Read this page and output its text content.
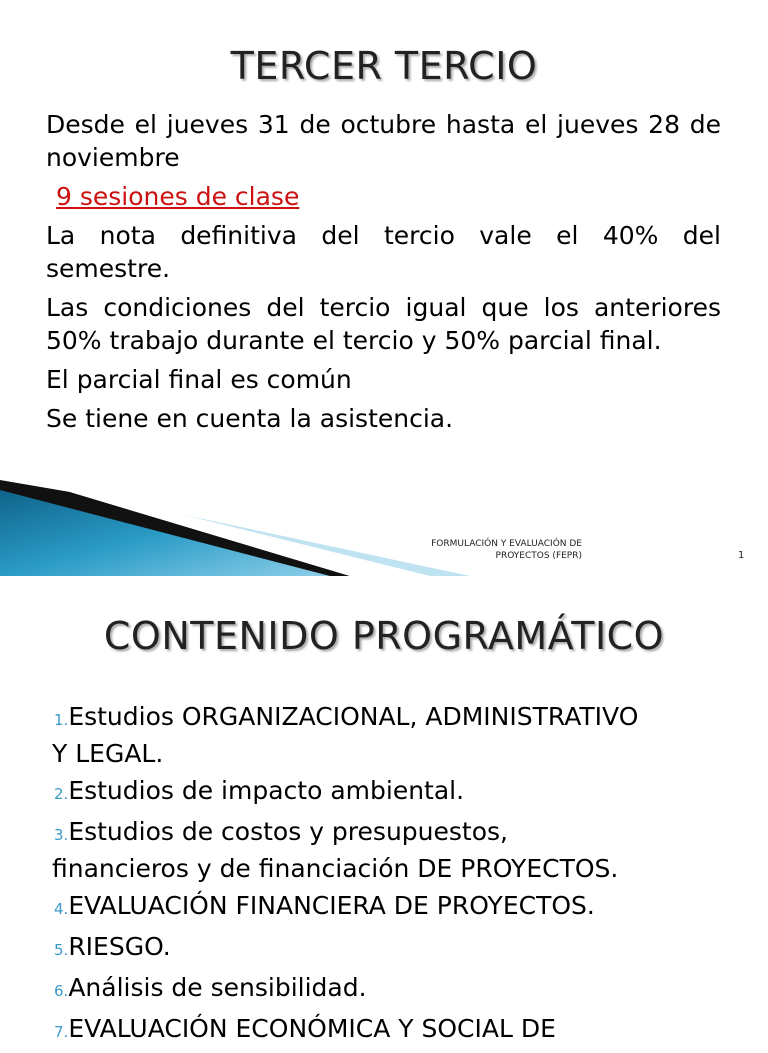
TERCER TERCIO

Desde el jueves 31 de octubre hasta el jueves 28 de noviembre

9 sesiones de clase

La nota definitiva del tercio vale el 40% del semestre.

Las condiciones del tercio igual que los anteriores 50% trabajo durante el tercio y 50% parcial final.

El parcial final es común

Se tiene en cuenta la asistencia.

FORMULACIÓN Y EVALUACIÓN DE
PROYECTOS (FEPR)	1
CONTENIDO PROGRAMÁTICO
1.Estudios ORGANIZACIONAL, ADMINISTRATIVO
Y LEGAL.
2.Estudios de impacto ambiental.
3.Estudios de costos y presupuestos,
financieros y de financiación DE PROYECTOS.
4.EVALUACIÓN FINANCIERA DE PROYECTOS.
5.RIESGO.
6.Análisis de sensibilidad.
7.EVALUACIÓN ECONÓMICA Y SOCIAL DE
